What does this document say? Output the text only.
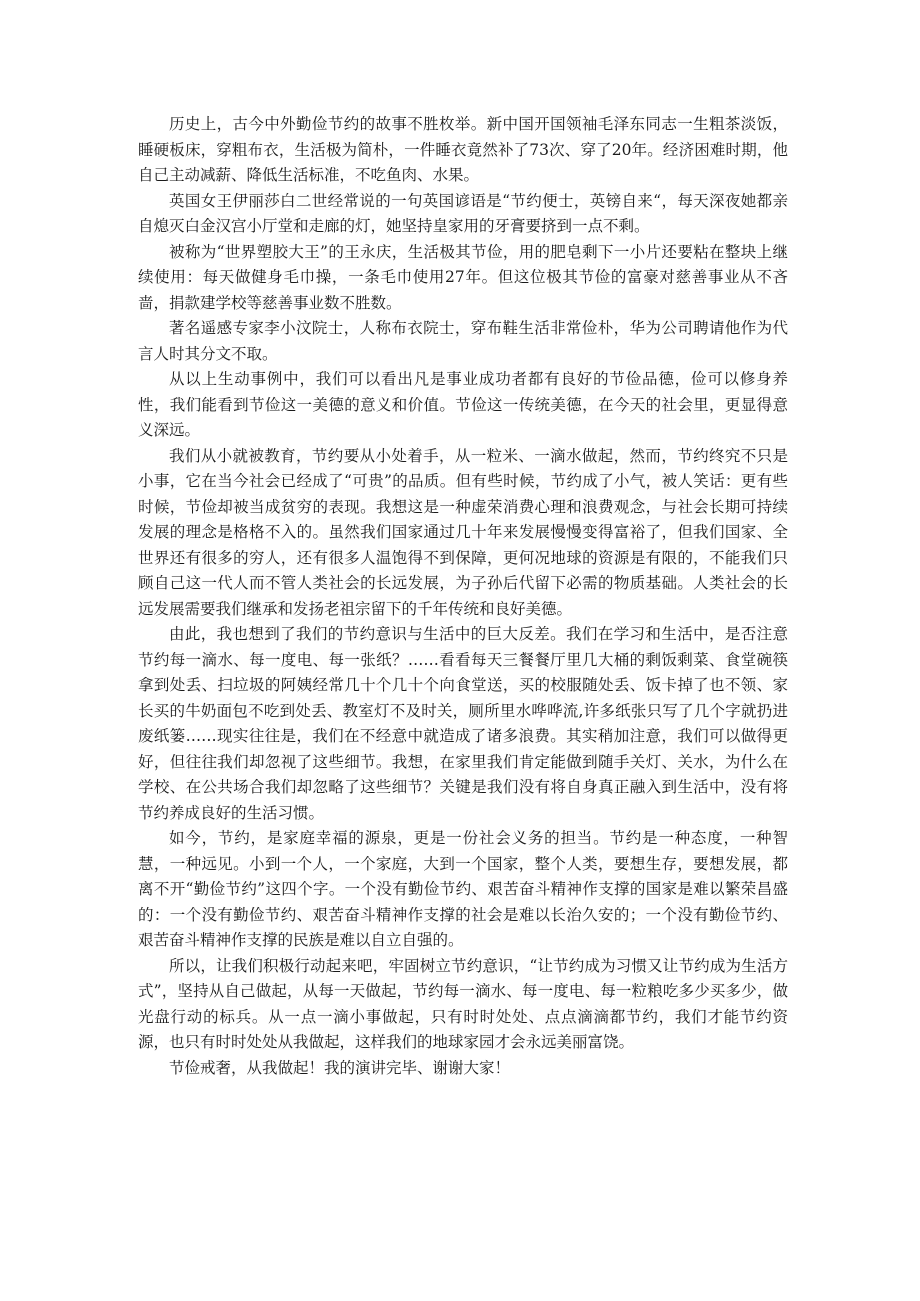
历史上，古今中外勤俭节约的故事不胜枚举。新中国开国领袖毛泽东同志一生粗茶淡饭，睡硬板床，穿粗布衣，生活极为简朴，一件睡衣竟然补了73次、穿了20年。经济困难时期，他自己主动减薪、降低生活标准，不吃鱼肉、水果。

英国女王伊丽莎白二世经常说的一句英国谚语是“节约便士，英镑自来“，每天深夜她都亲自熄灭白金汉宫小厅堂和走廊的灯，她坚持皇家用的牙膏要挤到一点不剩。

被称为“世界塑胶大王”的王永庆，生活极其节俭，用的肥皂剩下一小片还要粘在整块上继续使用：每天做健身毛巾操，一条毛巾使用27年。但这位极其节俭的富豪对慈善事业从不吝啬，捐款建学校等慈善事业数不胜数。

著名遥感专家李小汶院士，人称布衣院士，穿布鞋生活非常俭朴，华为公司聘请他作为代言人时其分文不取。

从以上生动事例中，我们可以看出凡是事业成功者都有良好的节俭品德，俭可以修身养性，我们能看到节俭这一美德的意义和价值。节俭这一传统美德，在今天的社会里，更显得意义深远。

我们从小就被教育，节约要从小处着手，从一粒米、一滴水做起，然而，节约终究不只是小事，它在当今社会已经成了“可贵”的品质。但有些时候，节约成了小气，被人笑话：更有些时候，节俭却被当成贫穷的表现。我想这是一种虚荣消费心理和浪费观念，与社会长期可持续发展的理念是格格不入的。虽然我们国家通过几十年来发展慢慢变得富裕了，但我们国家、全世界还有很多的穷人，还有很多人温饱得不到保障，更何况地球的资源是有限的，不能我们只顾自己这一代人而不管人类社会的长远发展，为子孙后代留下必需的物质基础。人类社会的长远发展需要我们继承和发扬老祖宗留下的千年传统和良好美德。

由此，我也想到了我们的节约意识与生活中的巨大反差。我们在学习和生活中，是否注意节约每一滴水、每一度电、每一张纸？……看看每天三餐餐厅里几大桶的剩饭剩菜、食堂碗筷拿到处丢、扫垃圾的阿姨经常几十个几十个向食堂送，买的校服随处丢、饭卡掉了也不领、家长买的牛奶面包不吃到处丢、教室灯不及时关，厕所里水哗哗流,许多纸张只写了几个字就扔进废纸篓……现实往往是，我们在不经意中就造成了诸多浪费。其实稍加注意，我们可以做得更好，但往往我们却忽视了这些细节。我想，在家里我们肯定能做到随手关灯、关水，为什么在学校、在公共场合我们却忽略了这些细节？关键是我们没有将自身真正融入到生活中，没有将节约养成良好的生活习惯。

如今，节约，是家庭幸福的源泉，更是一份社会义务的担当。节约是一种态度，一种智慧，一种远见。小到一个人，一个家庭，大到一个国家，整个人类，要想生存，要想发展，都离不开“勤俭节约”这四个字。一个没有勤俭节约、艰苦奋斗精神作支撑的国家是难以繁荣昌盛的：一个没有勤俭节约、艰苦奋斗精神作支撑的社会是难以长治久安的；一个没有勤俭节约、艰苦奋斗精神作支撑的民族是难以自立自强的。

所以，让我们积极行动起来吧，牢固树立节约意识，“让节约成为习惯又让节约成为生活方式”，坚持从自己做起，从每一天做起，节约每一滴水、每一度电、每一粒粮吃多少买多少，做光盘行动的标兵。从一点一滴小事做起，只有时时处处、点点滴滴都节约，我们才能节约资源，也只有时时处处从我做起，这样我们的地球家园才会永远美丽富饶。

节俭戒奢，从我做起！我的演讲完毕、谢谢大家！
